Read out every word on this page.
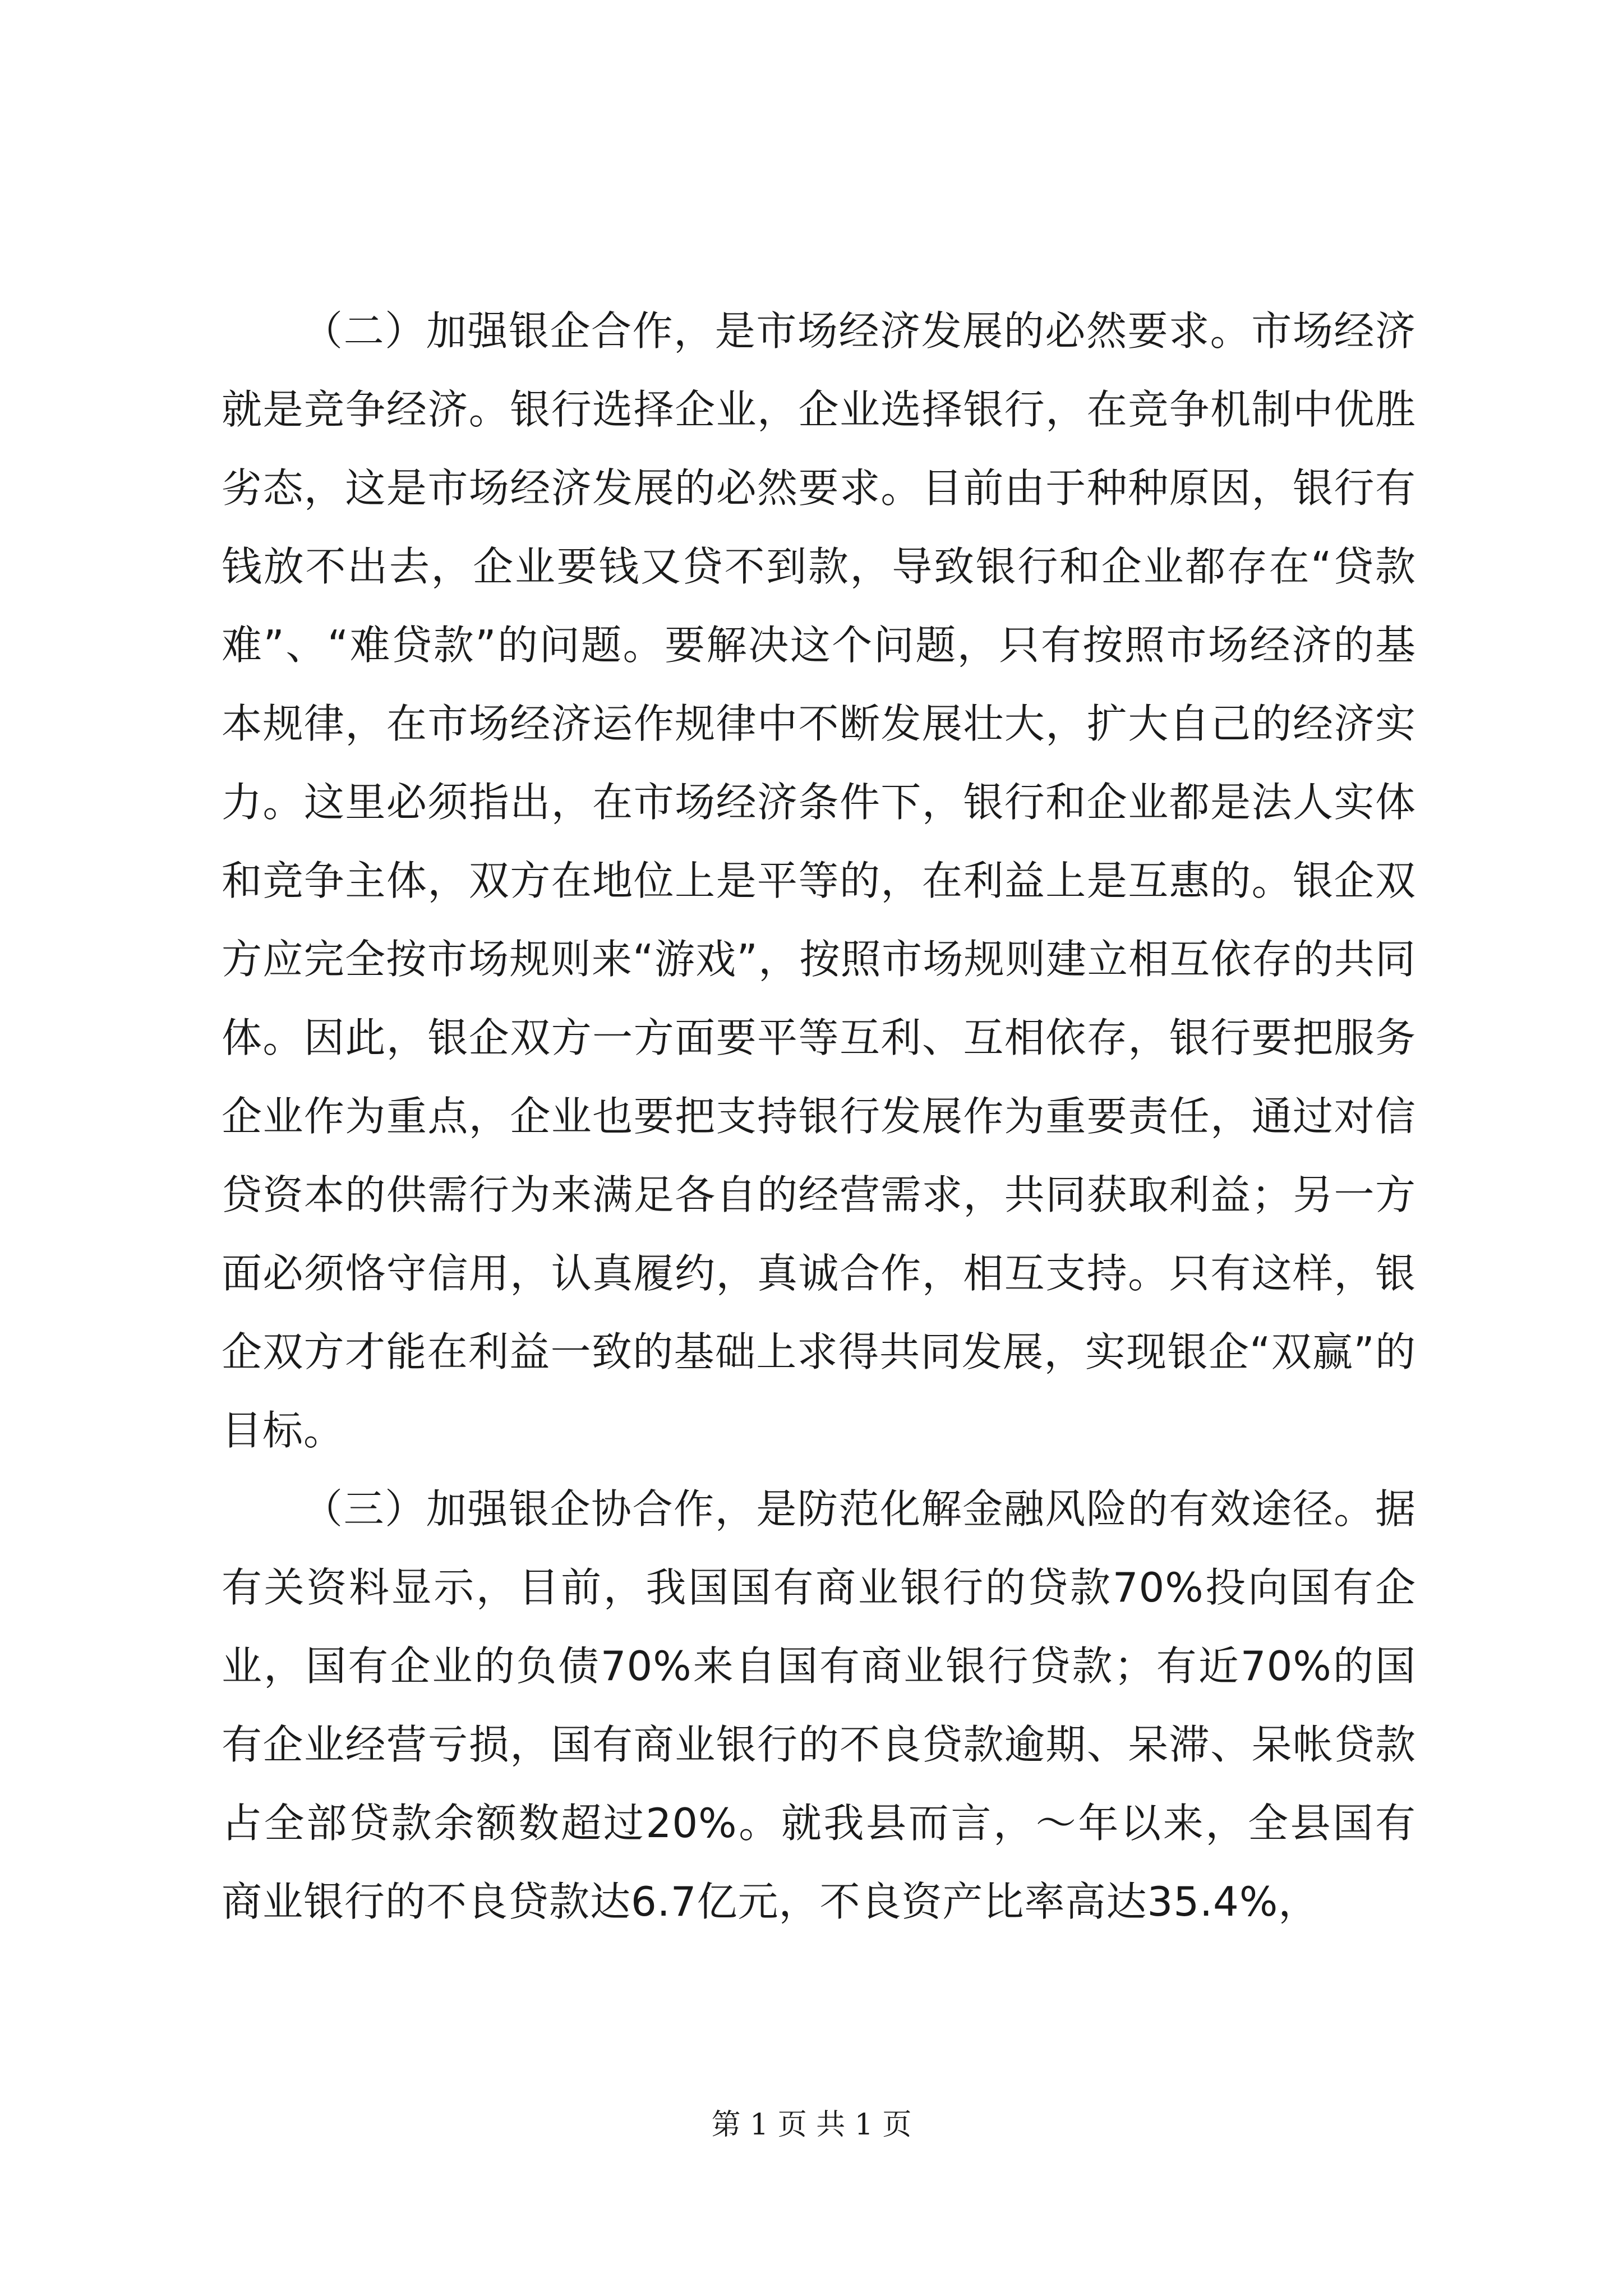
（二）加强银企合作，是市场经济发展的必然要求。市场经济就是竞争经济。银行选择企业，企业选择银行，在竞争机制中优胜劣态，这是市场经济发展的必然要求。目前由于种种原因，银行有钱放不出去，企业要钱又贷不到款，导致银行和企业都存在“贷款难”、“难贷款”的问题。要解决这个问题，只有按照市场经济的基本规律，在市场经济运作规律中不断发展壮大，扩大自己的经济实力。这里必须指出，在市场经济条件下，银行和企业都是法人实体和竞争主体，双方在地位上是平等的，在利益上是互惠的。银企双方应完全按市场规则来“游戏”，按照市场规则建立相互依存的共同体。因此，银企双方一方面要平等互利、互相依存，银行要把服务企业作为重点，企业也要把支持银行发展作为重要责任，通过对信贷资本的供需行为来满足各自的经营需求，共同获取利益；另一方面必须恪守信用，认真履约，真诚合作，相互支持。只有这样，银企双方才能在利益一致的基础上求得共同发展，实现银企“双赢”的目标。

（三）加强银企协合作，是防范化解金融风险的有效途径。据有关资料显示，目前，我国国有商业银行的贷款70%投向国有企业，国有企业的负债70%来自国有商业银行贷款；有近70%的国有企业经营亏损，国有商业银行的不良贷款逾期、呆滞、呆帐贷款占全部贷款余额数超过20%。就我县而言，～年以来，全县国有商业银行的不良贷款达6.7亿元，不良资产比率高达35.4%，

第 1 页 共 1 页
